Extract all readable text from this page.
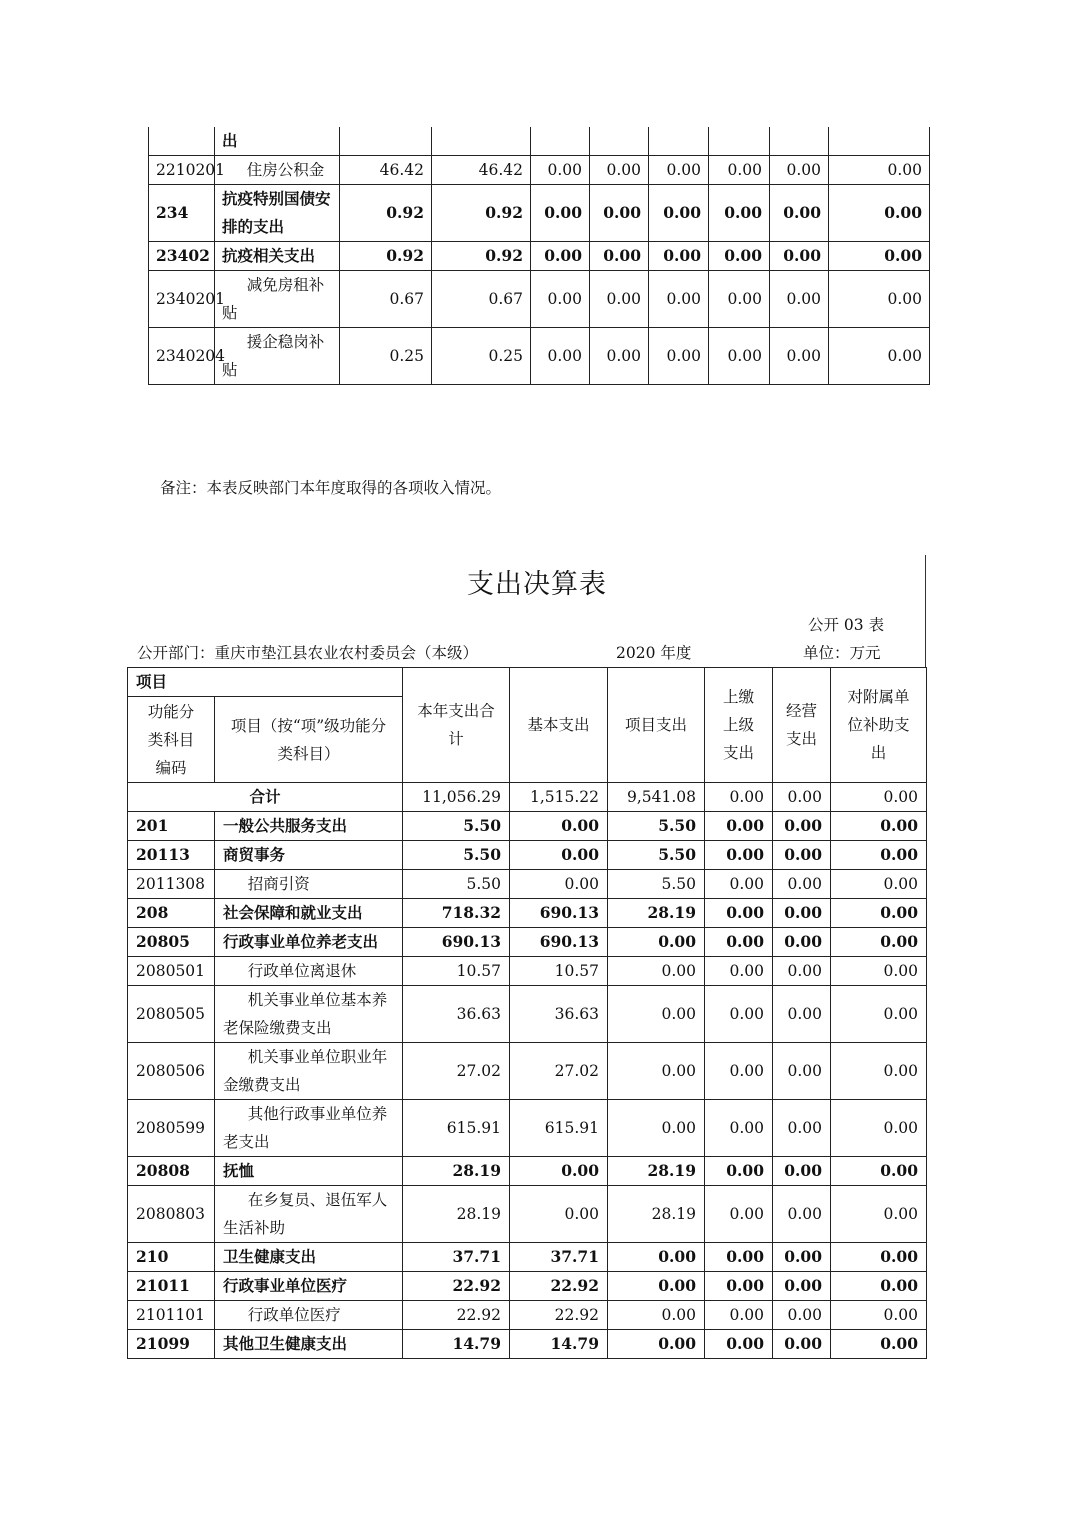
	出								
2210201	住房公积金	46.42	46.42	0.00	0.00	0.00	0.00	0.00	0.00
234	抗疫特别国债安排的支出	0.92	0.92	0.00	0.00	0.00	0.00	0.00	0.00
23402	抗疫相关支出	0.92	0.92	0.00	0.00	0.00	0.00	0.00	0.00
2340201	减免房租补贴	0.67	0.67	0.00	0.00	0.00	0.00	0.00	0.00
2340204	援企稳岗补贴	0.25	0.25	0.00	0.00	0.00	0.00	0.00	0.00
备注：本表反映部门本年度取得的各项收入情况。
支出决算表
公开 03 表
公开部门：重庆市垫江县农业农村委员会（本级）	2020 年度	单位：万元
项目		本年支出合计	基本支出	项目支出	上缴上级支出	经营支出	对附属单位补助支出
功能分类科目编码	项目（按“项”级功能分类科目）						
合计		11,056.29	1,515.22	9,541.08	0.00	0.00	0.00
201	一般公共服务支出	5.50	0.00	5.50	0.00	0.00	0.00
20113	商贸事务	5.50	0.00	5.50	0.00	0.00	0.00
2011308	招商引资	5.50	0.00	5.50	0.00	0.00	0.00
208	社会保障和就业支出	718.32	690.13	28.19	0.00	0.00	0.00
20805	行政事业单位养老支出	690.13	690.13	0.00	0.00	0.00	0.00
2080501	行政单位离退休	10.57	10.57	0.00	0.00	0.00	0.00
2080505	机关事业单位基本养老保险缴费支出	36.63	36.63	0.00	0.00	0.00	0.00
2080506	机关事业单位职业年金缴费支出	27.02	27.02	0.00	0.00	0.00	0.00
2080599	其他行政事业单位养老支出	615.91	615.91	0.00	0.00	0.00	0.00
20808	抚恤	28.19	0.00	28.19	0.00	0.00	0.00
2080803	在乡复员、退伍军人生活补助	28.19	0.00	28.19	0.00	0.00	0.00
210	卫生健康支出	37.71	37.71	0.00	0.00	0.00	0.00
21011	行政事业单位医疗	22.92	22.92	0.00	0.00	0.00	0.00
2101101	行政单位医疗	22.92	22.92	0.00	0.00	0.00	0.00
21099	其他卫生健康支出	14.79	14.79	0.00	0.00	0.00	0.00
